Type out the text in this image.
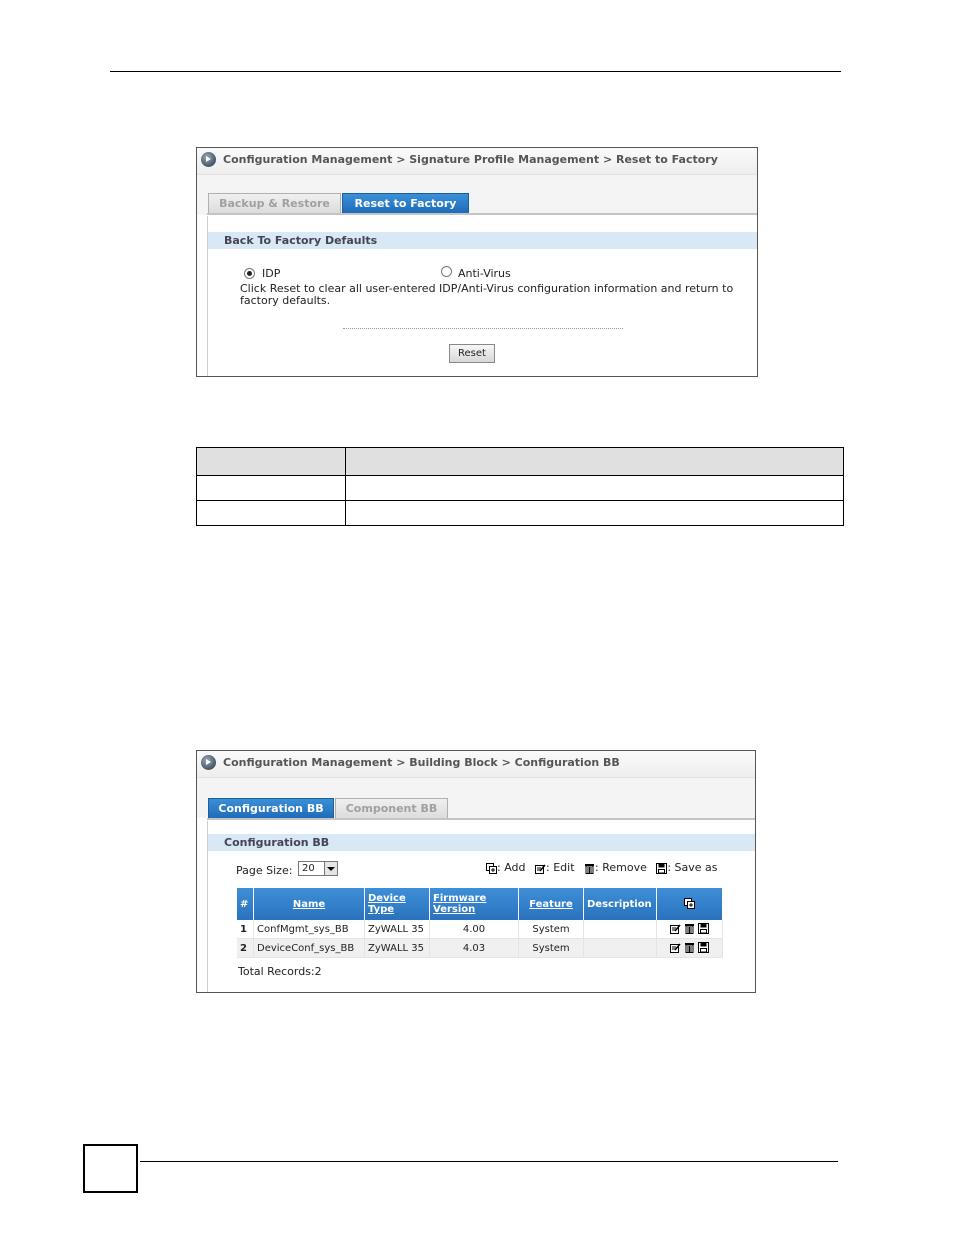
Configuration Management > Signature Profile Management > Reset to Factory
Backup & Restore	Reset to Factory
Back To Factory Defaults
IDP	Anti-Virus
Click Reset to clear all user-entered IDP/Anti-Virus configuration information and return to factory defaults.
Reset

Configuration Management > Building Block > Configuration BB
Configuration BB	Component BB
Configuration BB
Page Size: 20	: Add : Edit : Remove : Save as
#	Name	Device Type	Firmware Version	Feature	Description	

1	ConfMgmt_sys_BB	ZyWALL 35	4.00	System		

2	DeviceConf_sys_BB	ZyWALL 35	4.03	System		

Total Records:2
